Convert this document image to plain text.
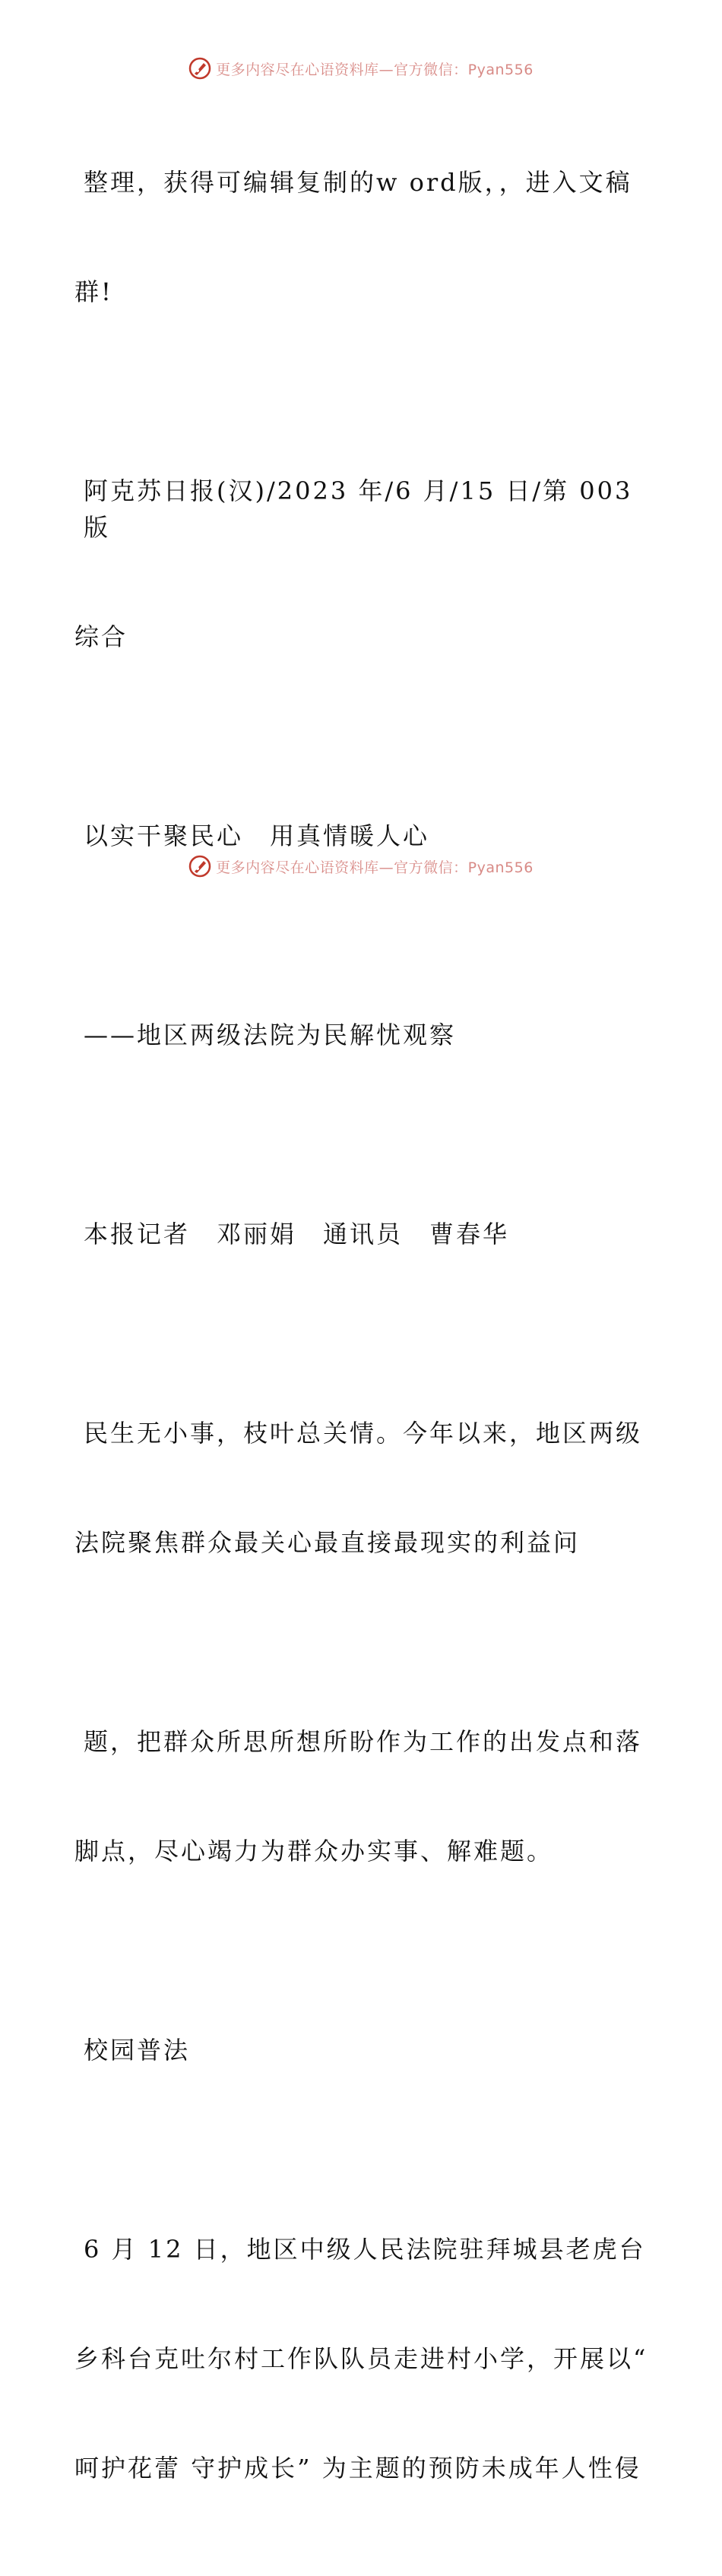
更多内容尽在心语资料库—官方微信：Pyan556

整理，获得可编辑复制的w ord版，，进入文稿

群!

阿克苏日报(汉)/2023 年/6 月/15 日/第 003 版

综合

以实干聚民心　用真情暖人心

——地区两级法院为民解忧观察

本报记者　邓丽娟　通讯员　曹春华

民生无小事，枝叶总关情。今年以来，地区两级

法院聚焦群众最关心最直接最现实的利益问

题，把群众所思所想所盼作为工作的出发点和落

脚点，尽心竭力为群众办实事、解难题。

校园普法

6 月 12 日，地区中级人民法院驻拜城县老虎台

乡科台克吐尔村工作队队员走进村小学，开展以“

呵护花蕾 守护成长” 为主题的预防未成年人性侵

更多内容尽在心语资料库—官方微信：Pyan556
